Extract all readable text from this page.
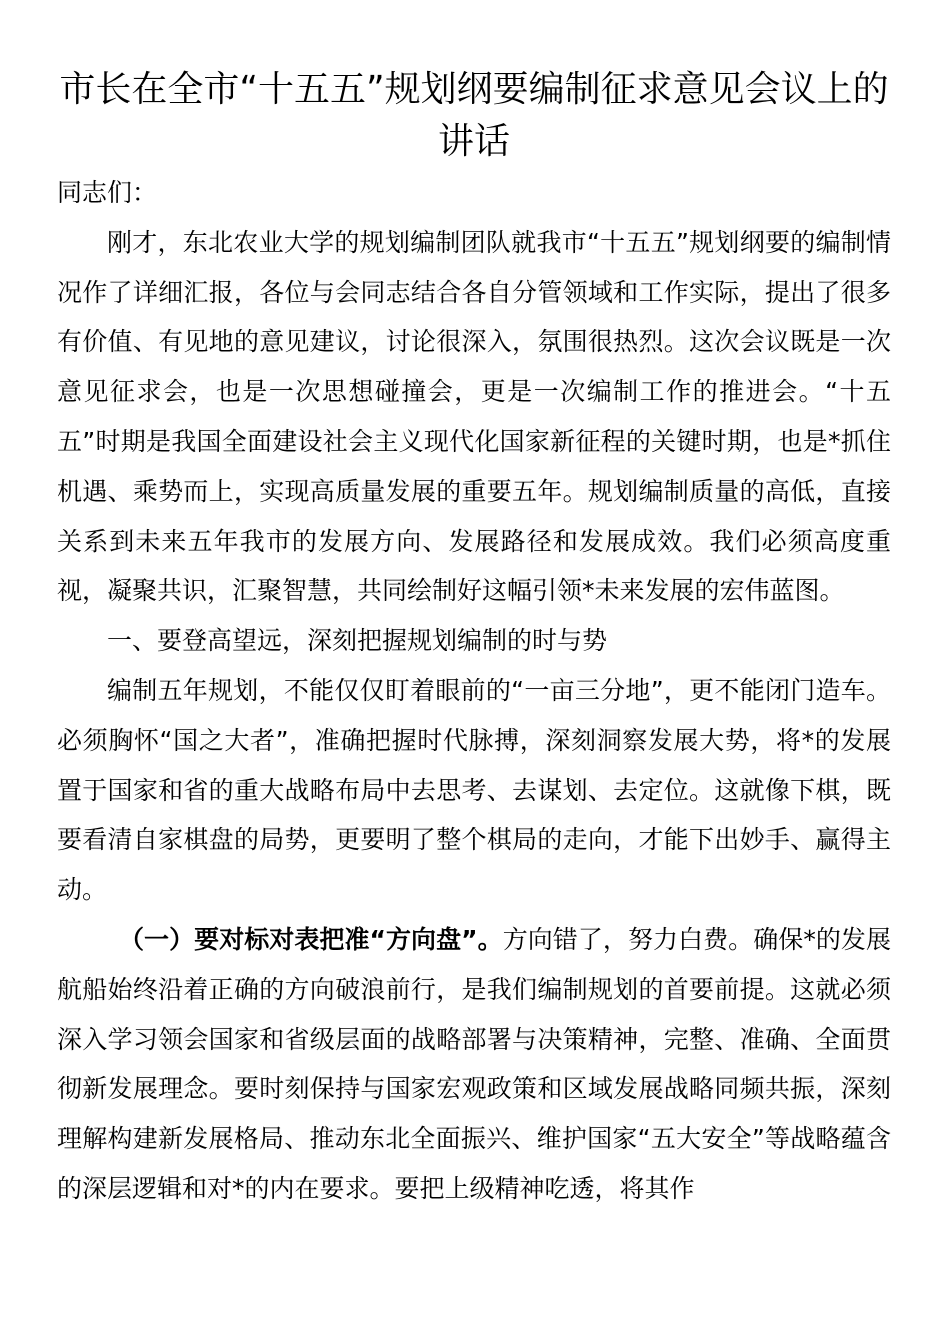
市长在全市“十五五”规划纲要编制征求意见会议上的讲话

同志们：

刚才，东北农业大学的规划编制团队就我市“十五五”规划纲要的编制情况作了详细汇报，各位与会同志结合各自分管领域和工作实际，提出了很多有价值、有见地的意见建议，讨论很深入，氛围很热烈。这次会议既是一次意见征求会，也是一次思想碰撞会，更是一次编制工作的推进会。“十五五”时期是我国全面建设社会主义现代化国家新征程的关键时期，也是*抓住机遇、乘势而上，实现高质量发展的重要五年。规划编制质量的高低，直接关系到未来五年我市的发展方向、发展路径和发展成效。我们必须高度重视，凝聚共识，汇聚智慧，共同绘制好这幅引领*未来发展的宏伟蓝图。

一、要登高望远，深刻把握规划编制的时与势

编制五年规划，不能仅仅盯着眼前的“一亩三分地”，更不能闭门造车。必须胸怀“国之大者”，准确把握时代脉搏，深刻洞察发展大势，将*的发展置于国家和省的重大战略布局中去思考、去谋划、去定位。这就像下棋，既要看清自家棋盘的局势，更要明了整个棋局的走向，才能下出妙手、赢得主动。

（一）要对标对表把准“方向盘”。方向错了，努力白费。确保*的发展航船始终沿着正确的方向破浪前行，是我们编制规划的首要前提。这就必须深入学习领会国家和省级层面的战略部署与决策精神，完整、准确、全面贯彻新发展理念。要时刻保持与国家宏观政策和区域发展战略同频共振，深刻理解构建新发展格局、推动东北全面振兴、维护国家“五大安全”等战略蕴含的深层逻辑和对*的内在要求。要把上级精神吃透，将其作
